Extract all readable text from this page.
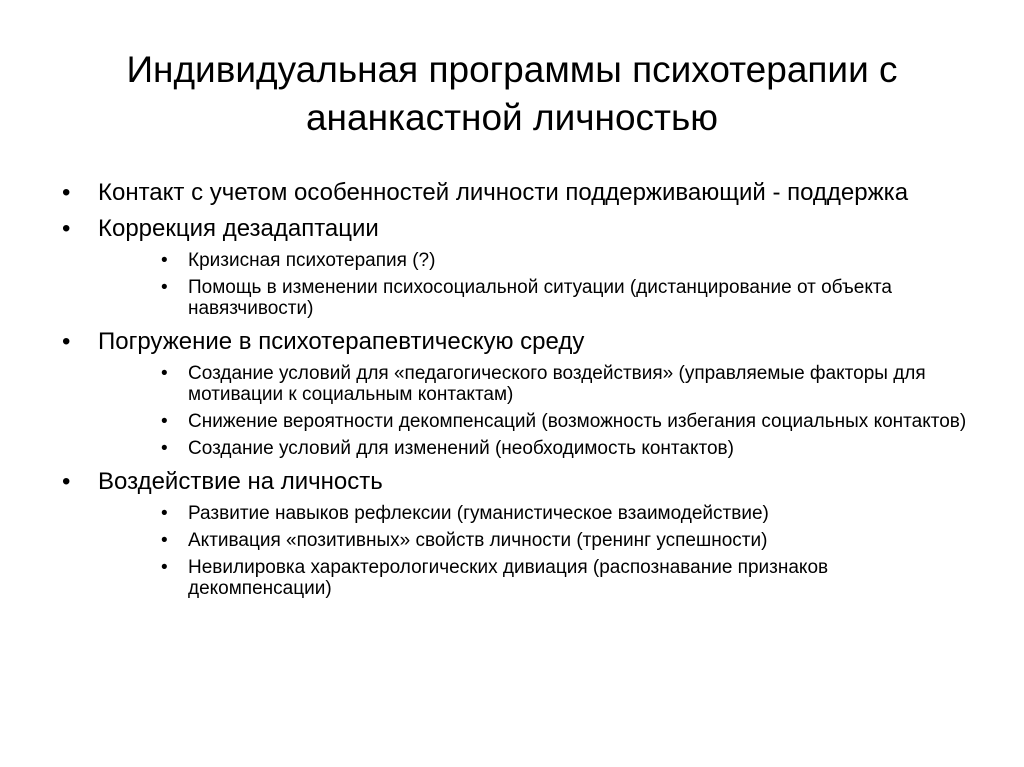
Индивидуальная программы психотерапии с ананкастной личностью
• Контакт с учетом особенностей личности поддерживающий - поддержка
• Коррекция дезадаптации
• Кризисная психотерапия (?)
• Помощь в изменении психосоциальной ситуации (дистанцирование от объекта навязчивости)
• Погружение в психотерапевтическую среду
• Создание условий для «педагогического воздействия» (управляемые факторы для мотивации к социальным контактам)
• Снижение вероятности декомпенсаций (возможность избегания социальных контактов)
• Создание условий для изменений (необходимость контактов)
• Воздействие на личность
• Развитие навыков рефлексии (гуманистическое взаимодействие)
• Активация «позитивных» свойств личности (тренинг успешности)
• Невилировка характерологических дивиация (распознавание признаков декомпенсации)
